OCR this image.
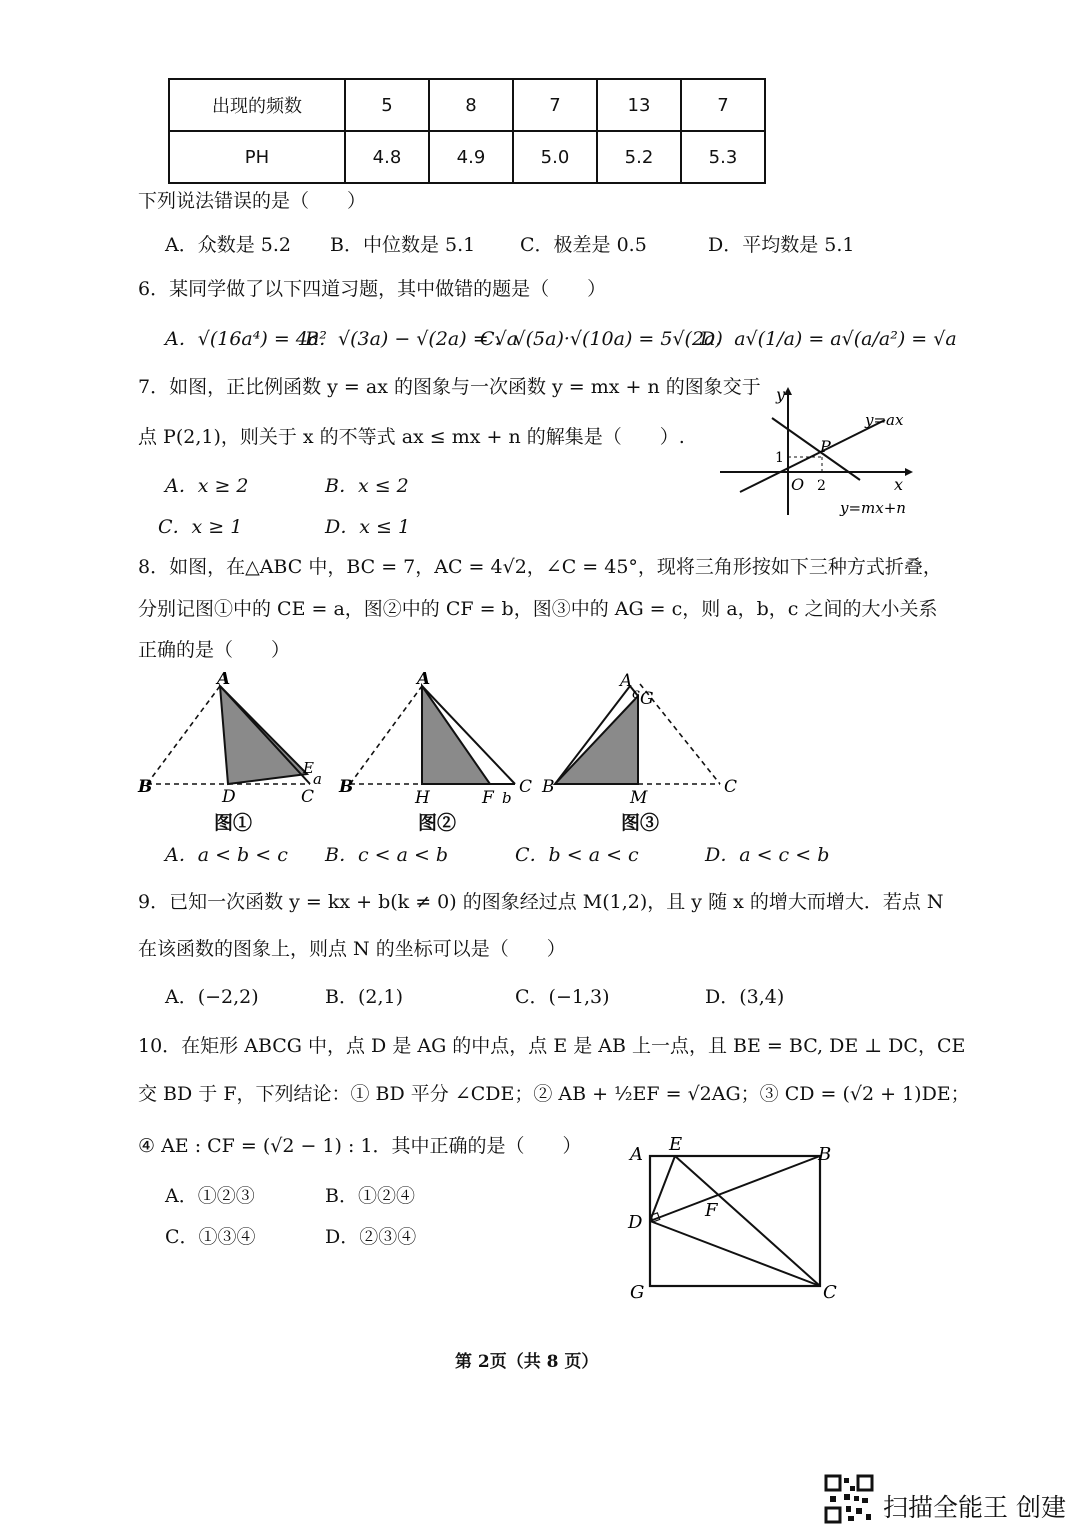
出现的频数	5	8	7	13	7
PH	4.8	4.9	5.0	5.2	5.3
下列说法错误的是（　　）
A．众数是 5.2 B．中位数是 5.1 C．极差是 0.5	D．平均数是 5.1
6．某同学做了以下四道习题，其中做错的题是（　　）
A．√(16a⁴) = 4a²
B．√(3a) − √(2a) = √a
C．√(5a)·√(10a) = 5√(2a)
D．a√(1/a) = a√(a/a²) = √a
7．如图，正比例函数 y = ax 的图象与一次函数 y = mx + n 的图象交于
点 P(2,1)，则关于 x 的不等式 ax ≤ mx + n 的解集是（　　）.
A．x ≥ 2	B．x ≤ 2
C．x ≥ 1	D．x ≤ 1
y
x
O
P
1
2
y=ax
y=mx+n
8．如图，在△ABC 中，BC = 7，AC = 4√2，∠C = 45°，现将三角形按如下三种方式折叠，
分别记图①中的 CE = a，图②中的 CF = b，图③中的 AG = c，则 a，b，c 之间的大小关系
正确的是（　　）
A
B	C
D
E
a
图①
A
B	C
H	F b
图②
A
c G
B	C
M
图③
A．a < b < c B．c < a < b	C．b < a < c	D．a < c < b
9．已知一次函数 y = kx + b(k ≠ 0) 的图象经过点 M(1,2)，且 y 随 x 的增大而增大．若点 N
在该函数的图象上，则点 N 的坐标可以是（　　）
A．(−2,2)	B．(2,1)	C．(−1,3)	D．(3,4)
10．在矩形 ABCG 中，点 D 是 AG 的中点，点 E 是 AB 上一点，且 BE = BC, DE ⊥ DC，CE
交 BD 于 F，下列结论：① BD 平分 ∠CDE；② AB + ½EF = √2AG；③ CD = (√2 + 1)DE；
④ AE : CF = (√2 − 1) : 1．其中正确的是（　　）
A．①②③	B．①②④
C．①③④	D．②③④
A E	B
D
F
G	C
第 2页（共 8 页）
扫描全能王 创建
